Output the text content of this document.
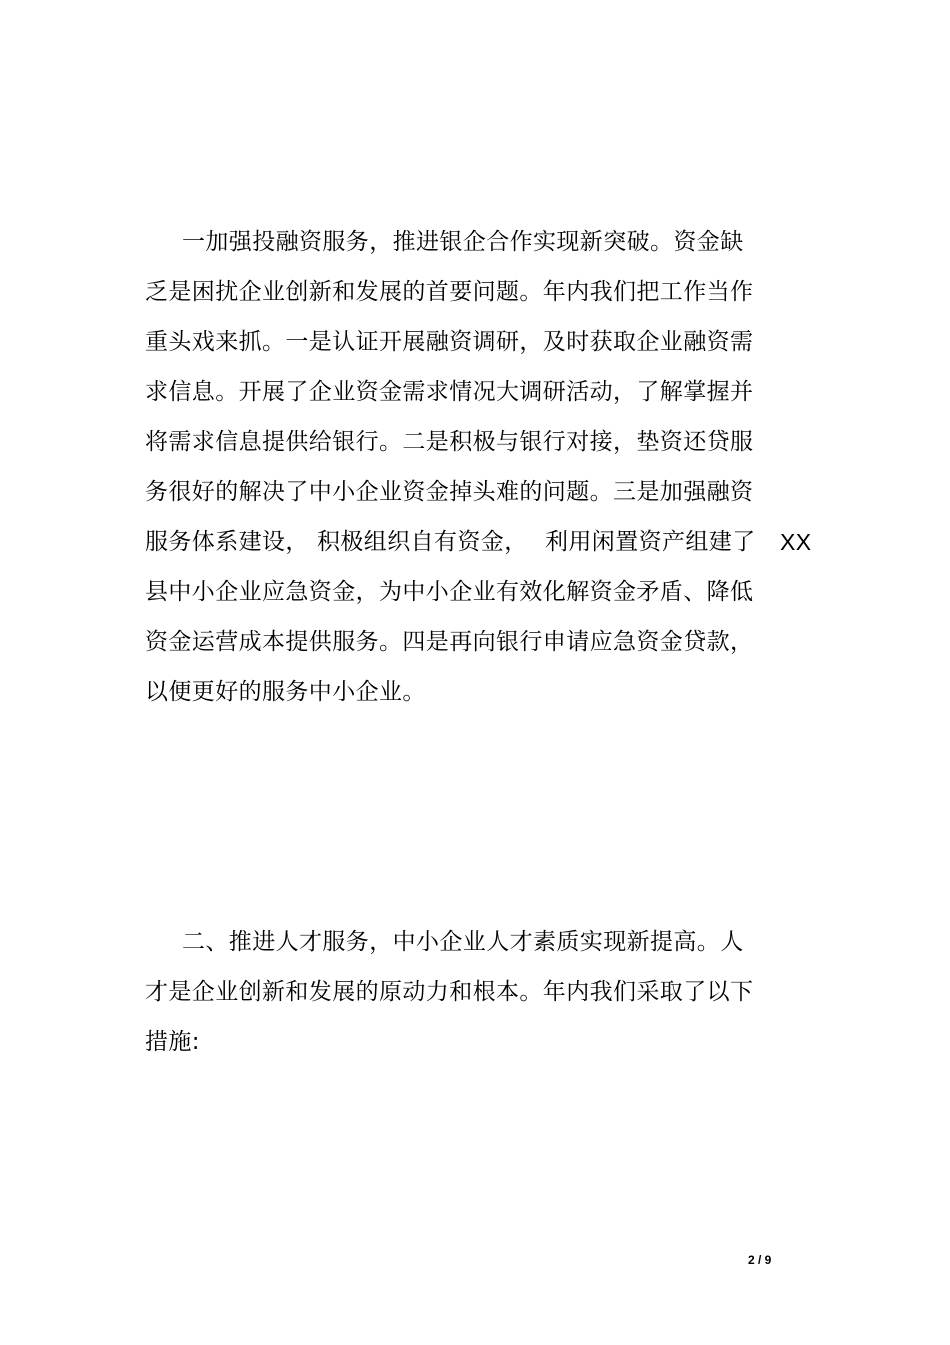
一加强投融资服务，推进银企合作实现新突破。资金缺
乏是困扰企业创新和发展的首要问题。年内我们把工作当作
重头戏来抓。一是认证开展融资调研，及时获取企业融资需
求信息。开展了企业资金需求情况大调研活动，了解掌握并
将需求信息提供给银行。二是积极与银行对接，垫资还贷服
务很好的解决了中小企业资金掉头难的问题。三是加强融资
服务体系建设， 积极组织自有资金， 利用闲置资产组建了 XX
县中小企业应急资金，为中小企业有效化解资金矛盾、降低
资金运营成本提供服务。四是再向银行申请应急资金贷款，
以便更好的服务中小企业。
二、推进人才服务，中小企业人才素质实现新提高。人
才是企业创新和发展的原动力和根本。年内我们采取了以下
措施:
2 / 9
